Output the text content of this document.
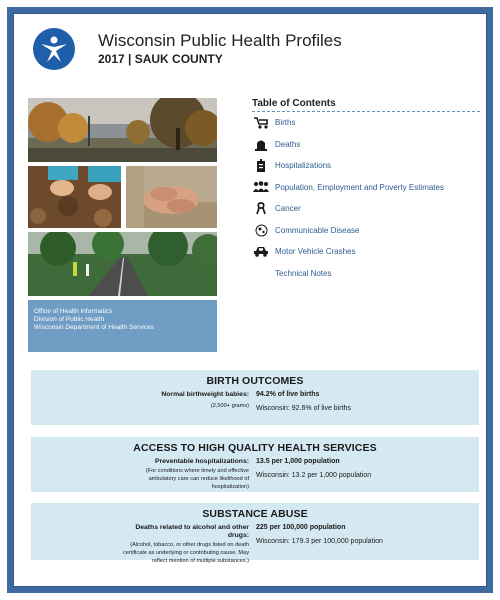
Wisconsin Public Health Profiles
2017 | SAUK COUNTY
Office of Health Informatics
Division of Public Health
Wisconsin Department of Health Services
Table of Contents
Births
Deaths
Hospitalizations
Population, Employment and Poverty Estimates
Cancer
Communicable Disease
Motor Vehicle Crashes
Technical Notes
BIRTH OUTCOMES
Normal birthweight babies:
(2,500+ grams)
94.2% of live births
Wisconsin: 92.6% of live births
ACCESS TO HIGH QUALITY HEALTH SERVICES
Preventable hospitalizations:
(For conditions where timely and effective ambulatory care can reduce likelihood of hospitalization)
13.5 per 1,000 population
Wisconsin: 13.2 per 1,000 population
SUBSTANCE ABUSE
Deaths related to alcohol and other drugs:
(Alcohol, tobacco, or other drugs listed on death certificate as underlying or contributing cause. May reflect mention of multiple substances.)
225 per 100,000 population
Wisconsin: 179.3 per 100,000 population
